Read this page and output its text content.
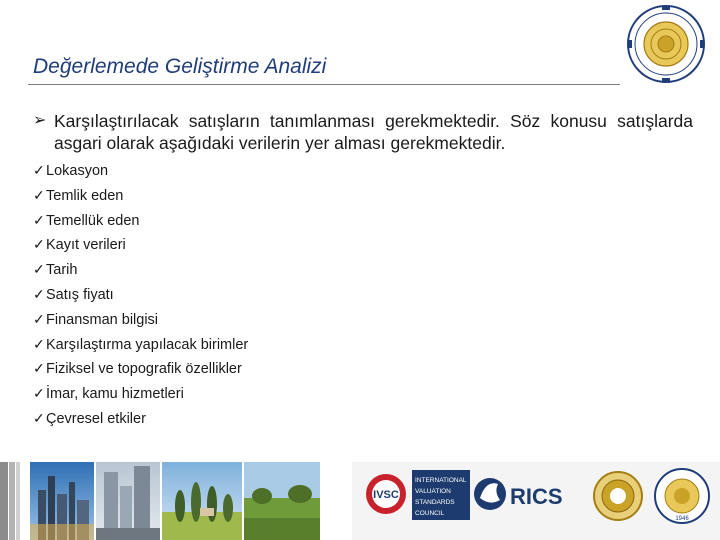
Değerlemede Geliştirme Analizi
➢ Karşılaştırılacak satışların tanımlanması gerekmektedir. Söz konusu satışlarda asgari olarak aşağıdaki verilerin yer alması gerekmektedir.
✓Lokasyon
✓Temlik eden
✓Temellük eden
✓Kayıt verileri
✓Tarih
✓Satış fiyatı
✓Finansman bilgisi
✓Karşılaştırma yapılacak birimler
✓Fiziksel ve topografik özellikler
✓İmar, kamu hizmetleri
✓Çevresel etkiler
IVSC
INTERNATIONAL
VALUATION
STANDARDS
COUNCIL
RICS
1946
